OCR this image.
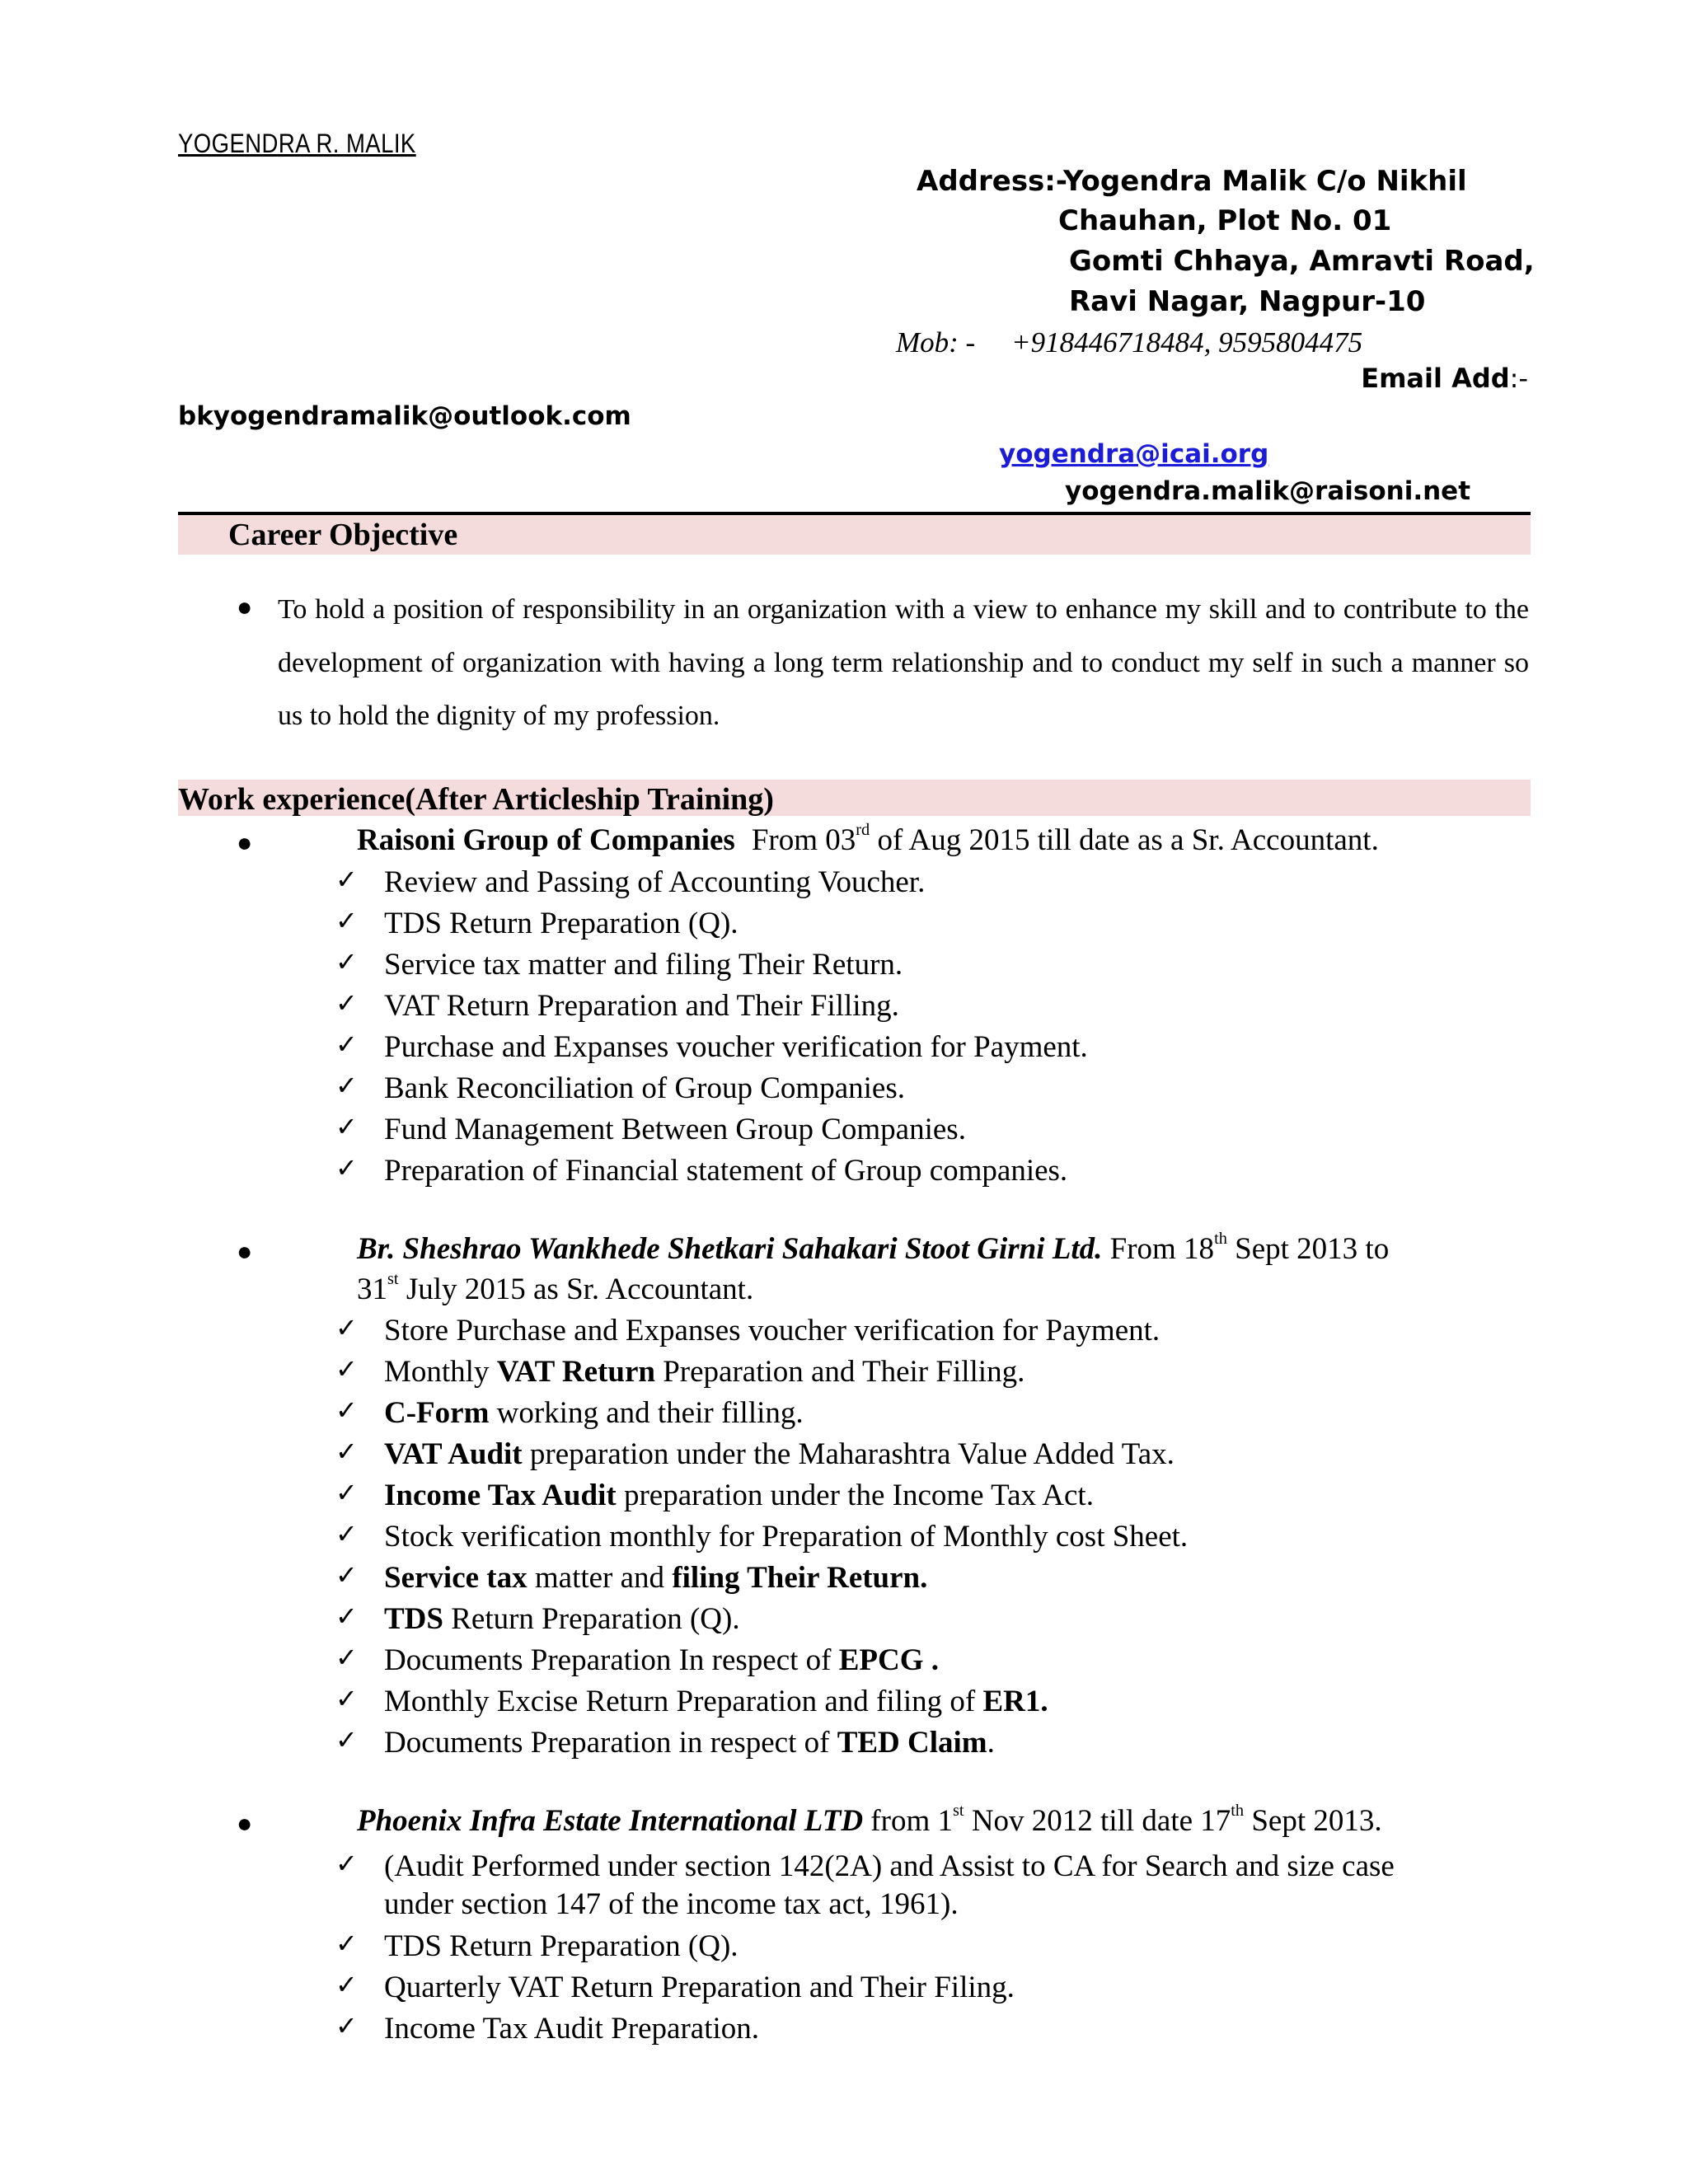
YOGENDRA R. MALIK
Address:-Yogendra Malik C/o Nikhil
Chauhan, Plot No. 01
Gomti Chhaya, Amravti Road,
Ravi Nagar, Nagpur-10
Mob: - +918446718484, 9595804475
Email Add:-
bkyogendramalik@outlook.com
yogendra@icai.org
yogendra.malik@raisoni.net
Career Objective
● To hold a position of responsibility in an organization with a view to enhance my skill and to contribute to the development of organization with having a long term relationship and to conduct my self in such a manner so us to hold the dignity of my profession.

Work experience(After Articleship Training)
●	Raisoni Group of Companies From 03rd of Aug 2015 till date as a Sr. Accountant.
✓ Review and Passing of Accounting Voucher.
✓ TDS Return Preparation (Q).
✓ Service tax matter and filing Their Return.
✓ VAT Return Preparation and Their Filling.
✓ Purchase and Expanses voucher verification for Payment.
✓ Bank Reconciliation of Group Companies.
✓ Fund Management Between Group Companies.
✓ Preparation of Financial statement of Group companies.
●	Br. Sheshrao Wankhede Shetkari Sahakari Stoot Girni Ltd. From 18th Sept 2013 to
31st July 2015 as Sr. Accountant.
✓ Store Purchase and Expanses voucher verification for Payment.
✓ Monthly VAT Return Preparation and Their Filling.
✓ C-Form working and their filling.
✓ VAT Audit preparation under the Maharashtra Value Added Tax.
✓ Income Tax Audit preparation under the Income Tax Act.
✓ Stock verification monthly for Preparation of Monthly cost Sheet.
✓ Service tax matter and filing Their Return.
✓ TDS Return Preparation (Q).
✓ Documents Preparation In respect of EPCG .
✓ Monthly Excise Return Preparation and filing of ER1.
✓ Documents Preparation in respect of TED Claim.
●	Phoenix Infra Estate International LTD from 1st Nov 2012 till date 17th Sept 2013.
✓ (Audit Performed under section 142(2A) and Assist to CA for Search and size case
under section 147 of the income tax act, 1961).
✓ TDS Return Preparation (Q).
✓ Quarterly VAT Return Preparation and Their Filing.
✓ Income Tax Audit Preparation.
